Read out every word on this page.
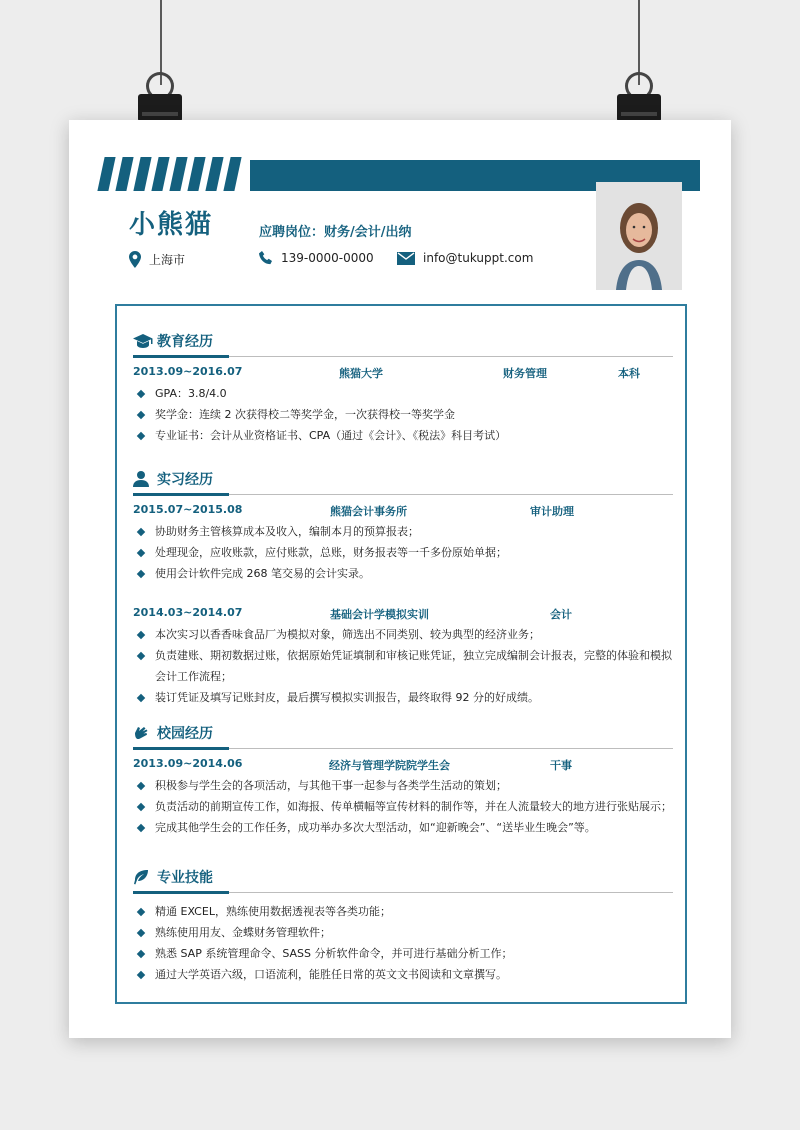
小熊猫	应聘岗位：财务/会计/出纳
上海市	139-0000-0000	info@tukuppt.com
教育经历
2013.09~2016.07	熊猫大学	财务管理	本科
GPA：3.8/4.0
奖学金：连续 2 次获得校二等奖学金，一次获得校一等奖学金
专业证书：会计从业资格证书、CPA（通过《会计》、《税法》科目考试）
实习经历
2015.07~2015.08	熊猫会计事务所	审计助理
协助财务主管核算成本及收入，编制本月的预算报表；
处理现金，应收账款，应付账款，总账，财务报表等一千多份原始单据；
使用会计软件完成 268 笔交易的会计实录。
2014.03~2014.07	基础会计学模拟实训	会计
本次实习以香香味食品厂为模拟对象，筛选出不同类别、较为典型的经济业务；
负责建账、期初数据过账，依据原始凭证填制和审核记账凭证，独立完成编制会计报表，完整的体验和模拟会计工作流程；
装订凭证及填写记账封皮，最后撰写模拟实训报告，最终取得 92 分的好成绩。
校园经历
2013.09~2014.06	经济与管理学院院学生会	干事
积极参与学生会的各项活动，与其他干事一起参与各类学生活动的策划；
负责活动的前期宣传工作，如海报、传单横幅等宣传材料的制作等，并在人流量较大的地方进行张贴展示；
完成其他学生会的工作任务，成功举办多次大型活动，如“迎新晚会”、“送毕业生晚会”等。
专业技能
精通 EXCEL，熟练使用数据透视表等各类功能；
熟练使用用友、金蝶财务管理软件；
熟悉 SAP 系统管理命令、SASS 分析软件命令，并可进行基础分析工作；
通过大学英语六级，口语流利，能胜任日常的英文文书阅读和文章撰写。
